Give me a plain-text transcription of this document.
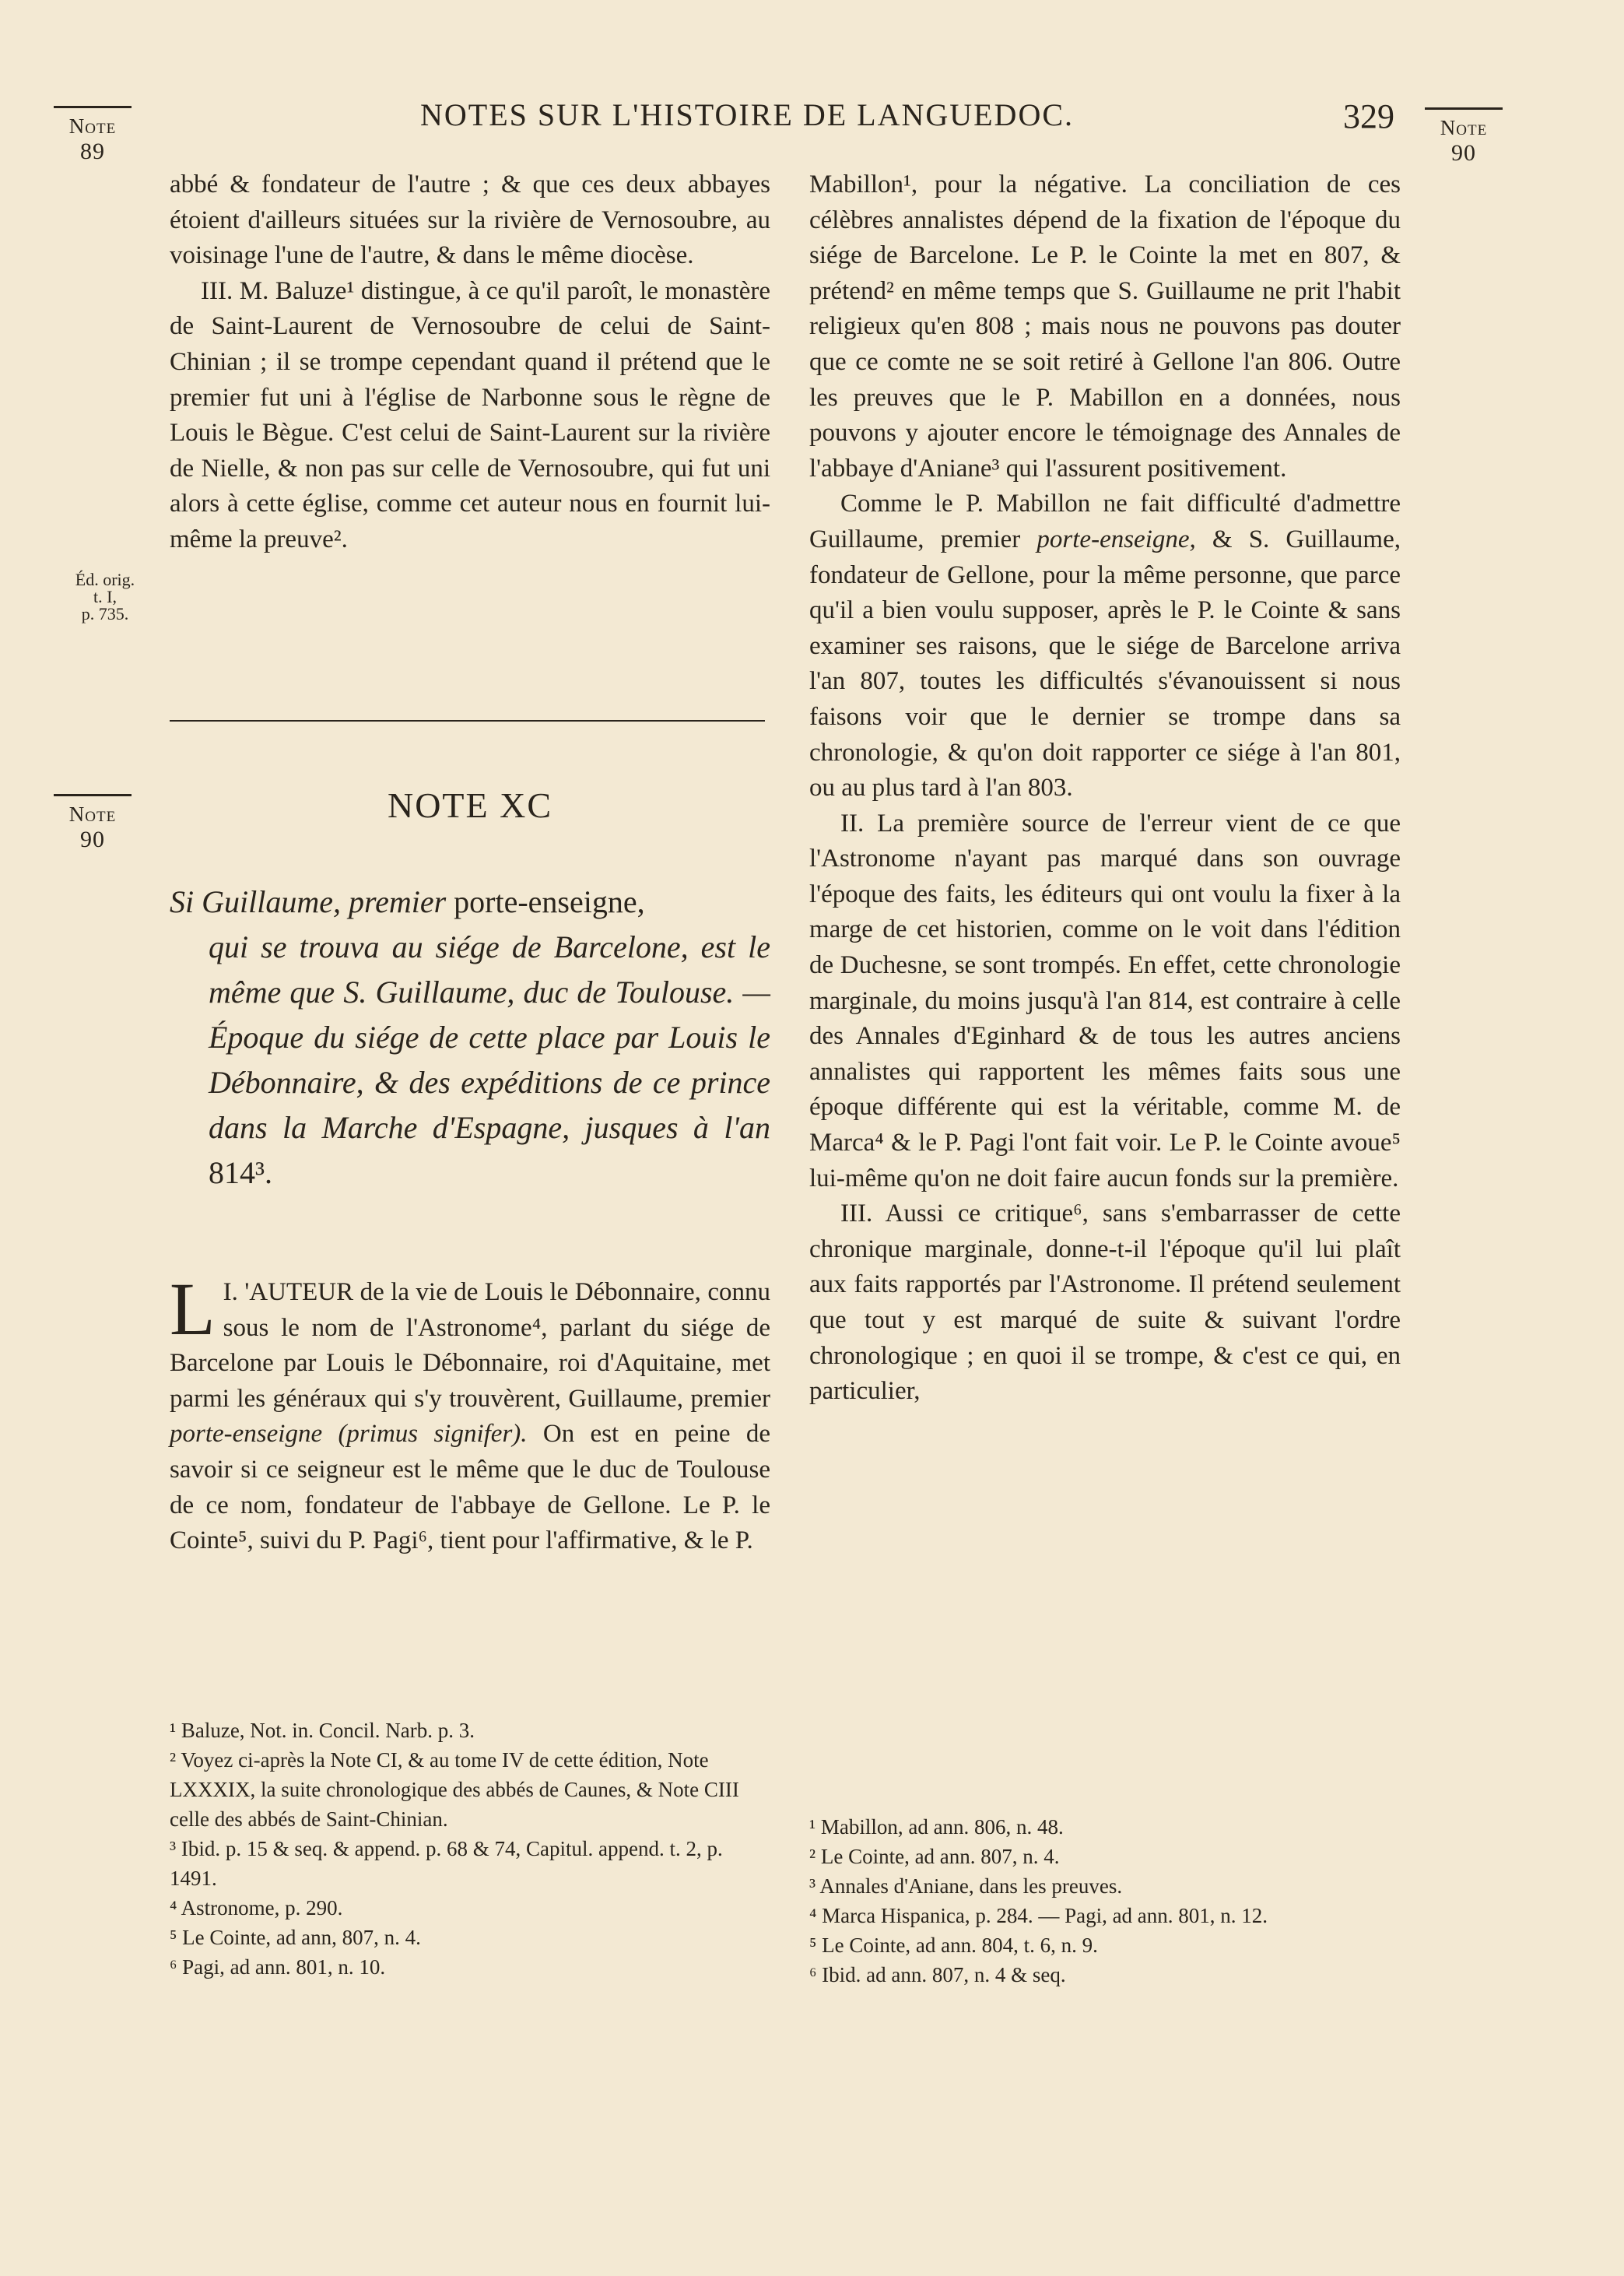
NOTES SUR L'HISTOIRE DE LANGUEDOC.	329
Note
89
Note
90
Note
90
Éd. orig.
t. I,
p. 735.

abbé & fondateur de l'autre ; & que ces deux abbayes étoient d'ailleurs situées sur la rivière de Vernosoubre, au voisinage l'une de l'autre, & dans le même diocèse.

III. M. Baluze¹ distingue, à ce qu'il paroît, le monastère de Saint-Laurent de Vernosoubre de celui de Saint-Chinian ; il se trompe cependant quand il prétend que le premier fut uni à l'église de Narbonne sous le règne de Louis le Bègue. C'est celui de Saint-Laurent sur la rivière de Nielle, & non pas sur celle de Vernosoubre, qui fut uni alors à cette église, comme cet auteur nous en fournit lui-même la preuve².

NOTE XC
Si Guillaume, premier porte-enseigne,
qui se trouva au siége de Barcelone, est le même que S. Guillaume, duc de Toulouse. — Époque du siége de cette place par Louis le Débonnaire, & des expéditions de ce prince dans la Marche d'Espagne, jusques à l'an 814³.

I.
L 'AUTEUR de la vie de Louis le Débonnaire, connu sous le nom de l'Astronome⁴, parlant du siége de Barcelone par Louis le Débonnaire, roi d'Aquitaine, met parmi les généraux qui s'y trouvèrent, Guillaume, premier porte-enseigne (primus signifer). On est en peine de savoir si ce seigneur est le même que le duc de Toulouse de ce nom, fondateur de l'abbaye de Gellone. Le P. le Cointe⁵, suivi du P. Pagi⁶, tient pour l'affirmative, & le P.

¹ Baluze, Not. in. Concil. Narb. p. 3.
² Voyez ci-après la Note CI, & au tome IV de cette édition, Note LXXXIX, la suite chronologique des abbés de Caunes, & Note CIII celle des abbés de Saint-Chinian.
³ Ibid. p. 15 & seq. & append. p. 68 & 74, Capitul. append. t. 2, p. 1491.
⁴ Astronome, p. 290.
⁵ Le Cointe, ad ann, 807, n. 4.
⁶ Pagi, ad ann. 801, n. 10.

Mabillon¹, pour la négative. La conciliation de ces célèbres annalistes dépend de la fixation de l'époque du siége de Barcelone. Le P. le Cointe la met en 807, & prétend² en même temps que S. Guillaume ne prit l'habit religieux qu'en 808 ; mais nous ne pouvons pas douter que ce comte ne se soit retiré à Gellone l'an 806. Outre les preuves que le P. Mabillon en a données, nous pouvons y ajouter encore le témoignage des Annales de l'abbaye d'Aniane³ qui l'assurent positivement.

Comme le P. Mabillon ne fait difficulté d'admettre Guillaume, premier porte-enseigne, & S. Guillaume, fondateur de Gellone, pour la même personne, que parce qu'il a bien voulu supposer, après le P. le Cointe & sans examiner ses raisons, que le siége de Barcelone arriva l'an 807, toutes les difficultés s'évanouissent si nous faisons voir que le dernier se trompe dans sa chronologie, & qu'on doit rapporter ce siége à l'an 801, ou au plus tard à l'an 803.

II. La première source de l'erreur vient de ce que l'Astronome n'ayant pas marqué dans son ouvrage l'époque des faits, les éditeurs qui ont voulu la fixer à la marge de cet historien, comme on le voit dans l'édition de Duchesne, se sont trompés. En effet, cette chronologie marginale, du moins jusqu'à l'an 814, est contraire à celle des Annales d'Eginhard & de tous les autres anciens annalistes qui rapportent les mêmes faits sous une époque différente qui est la véritable, comme M. de Marca⁴ & le P. Pagi l'ont fait voir. Le P. le Cointe avoue⁵ lui-même qu'on ne doit faire aucun fonds sur la première.

III. Aussi ce critique⁶, sans s'embarrasser de cette chronique marginale, donne-t-il l'époque qu'il lui plaît aux faits rapportés par l'Astronome. Il prétend seulement que tout y est marqué de suite & suivant l'ordre chronologique ; en quoi il se trompe, & c'est ce qui, en particulier,

¹ Mabillon, ad ann. 806, n. 48.
² Le Cointe, ad ann. 807, n. 4.
³ Annales d'Aniane, dans les preuves.
⁴ Marca Hispanica, p. 284. — Pagi, ad ann. 801, n. 12.
⁵ Le Cointe, ad ann. 804, t. 6, n. 9.
⁶ Ibid. ad ann. 807, n. 4 & seq.
